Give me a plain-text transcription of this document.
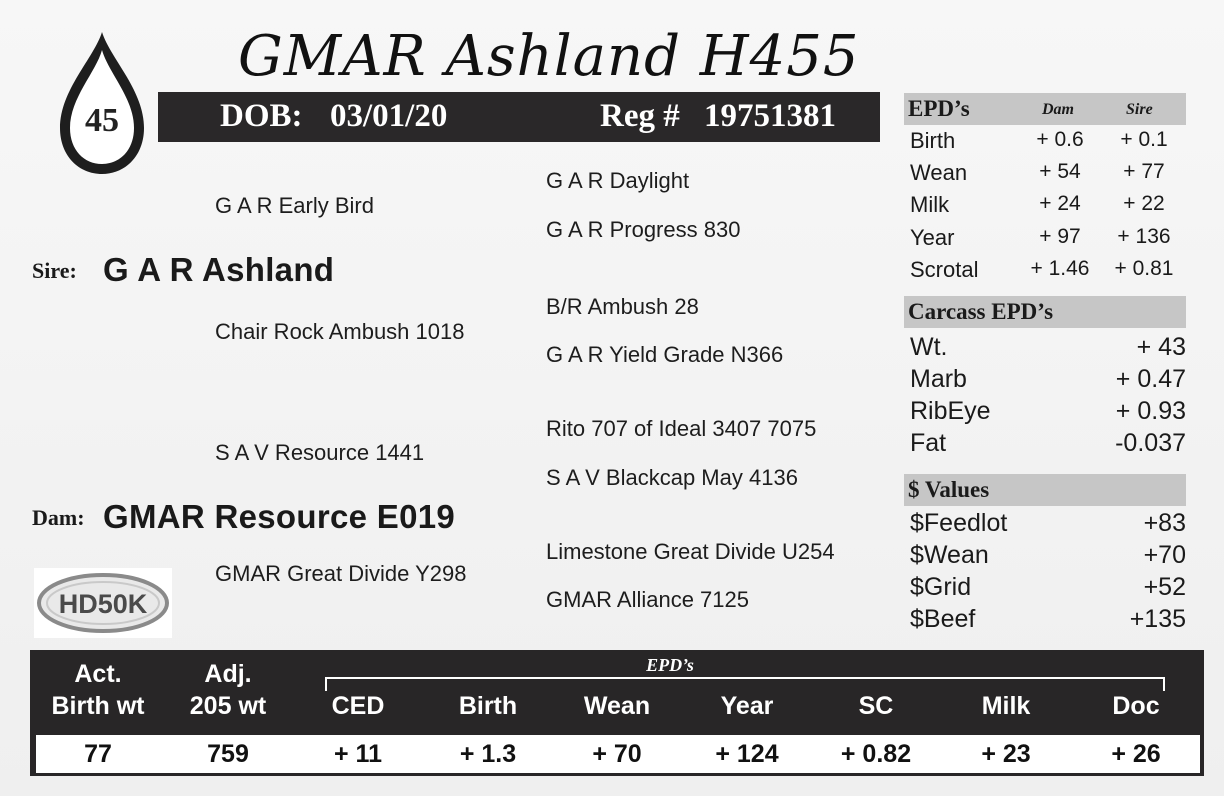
45
GMAR Ashland H455
DOB: 03/01/20	Reg # 19751381
G A R Daylight
G A R Early Bird
G A R Progress 830
Sire: G A R Ashland
B/R Ambush 28
Chair Rock Ambush 1018
G A R Yield Grade N366
Rito 707 of Ideal 3407 7075
S A V Resource 1441
S A V Blackcap May 4136
Dam: GMAR Resource E019
Limestone Great Divide U254
GMAR Great Divide Y298
GMAR Alliance 7125
HD50K
EPD’s	Dam	Sire
Birth	+ 0.6	+ 0.1
Wean	+ 54	+ 77
Milk	+ 24	+ 22
Year	+ 97	+ 136
Scrotal + 1.46 + 0.81
Carcass EPD’s
Wt.	+ 43
Marb	+ 0.47
RibEye	+ 0.93
Fat	-0.037
$ Values
$Feedlot	+83
$Wean	+70
$Grid	+52
$Beef	+135
EPD’s
Act.
Birth wt
Adj.
205 wt	CED	Birth	Wean	Year	SC	Milk	Doc
77	759	+ 11	+ 1.3	+ 70	+ 124	+ 0.82	+ 23	+ 26
